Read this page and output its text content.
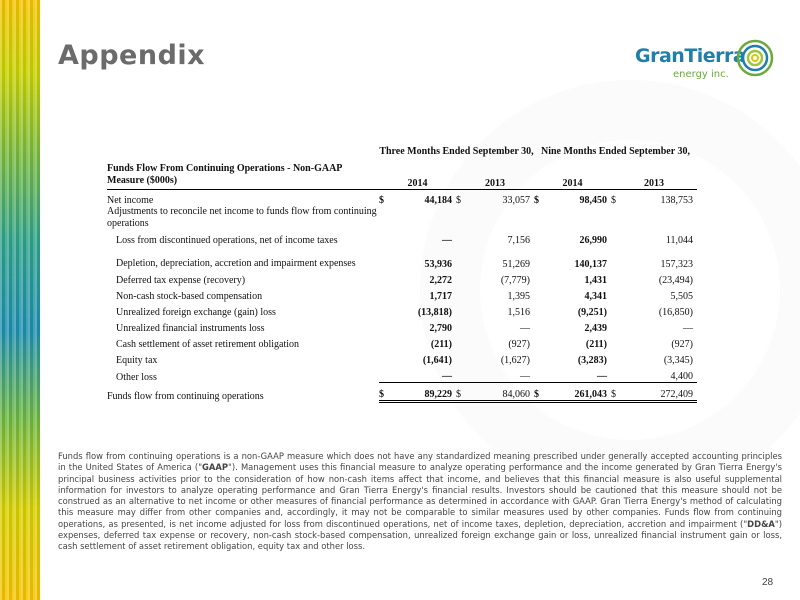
Appendix	GranTierra
energy inc.
	Three Months Ended September 30,				Nine Months Ended September 30,			
Funds Flow From Continuing Operations - Non-GAAP Measure ($000s)	2014		2013		2014		2013	
Net income	$	44,184	$	33,057	$	98,450	$	138,753
Adjustments to reconcile net income to funds flow from continuing operations								
Loss from discontinued operations, net of income taxes		—		7,156		26,990		11,044
Depletion, depreciation, accretion and impairment expenses		53,936		51,269		140,137		157,323
Deferred tax expense (recovery)		2,272		(7,779)		1,431		(23,494)
Non-cash stock-based compensation		1,717		1,395		4,341		5,505
Unrealized foreign exchange (gain) loss		(13,818)		1,516		(9,251)		(16,850)
Unrealized financial instruments loss		2,790		—		2,439		—
Cash settlement of asset retirement obligation		(211)		(927)		(211)		(927)
Equity tax		(1,641)		(1,627)		(3,283)		(3,345)
Other loss		—		—		—		4,400
Funds flow from continuing operations	$	89,229	$	84,060	$	261,043	$	272,409
Funds flow from continuing operations is a non-GAAP measure which does not have any standardized meaning prescribed under generally accepted accounting principles in the United States of America ("GAAP"). Management uses this financial measure to analyze operating performance and the income generated by Gran Tierra Energy's principal business activities prior to the consideration of how non-cash items affect that income, and believes that this financial measure is also useful supplemental information for investors to analyze operating performance and Gran Tierra Energy's financial results. Investors should be cautioned that this measure should not be construed as an alternative to net income or other measures of financial performance as determined in accordance with GAAP. Gran Tierra Energy's method of calculating this measure may differ from other companies and, accordingly, it may not be comparable to similar measures used by other companies. Funds flow from continuing operations, as presented, is net income adjusted for loss from discontinued operations, net of income taxes, depletion, depreciation, accretion and impairment ("DD&A") expenses, deferred tax expense or recovery, non-cash stock-based compensation, unrealized foreign exchange gain or loss, unrealized financial instrument gain or loss, cash settlement of asset retirement obligation, equity tax and other loss.
28
